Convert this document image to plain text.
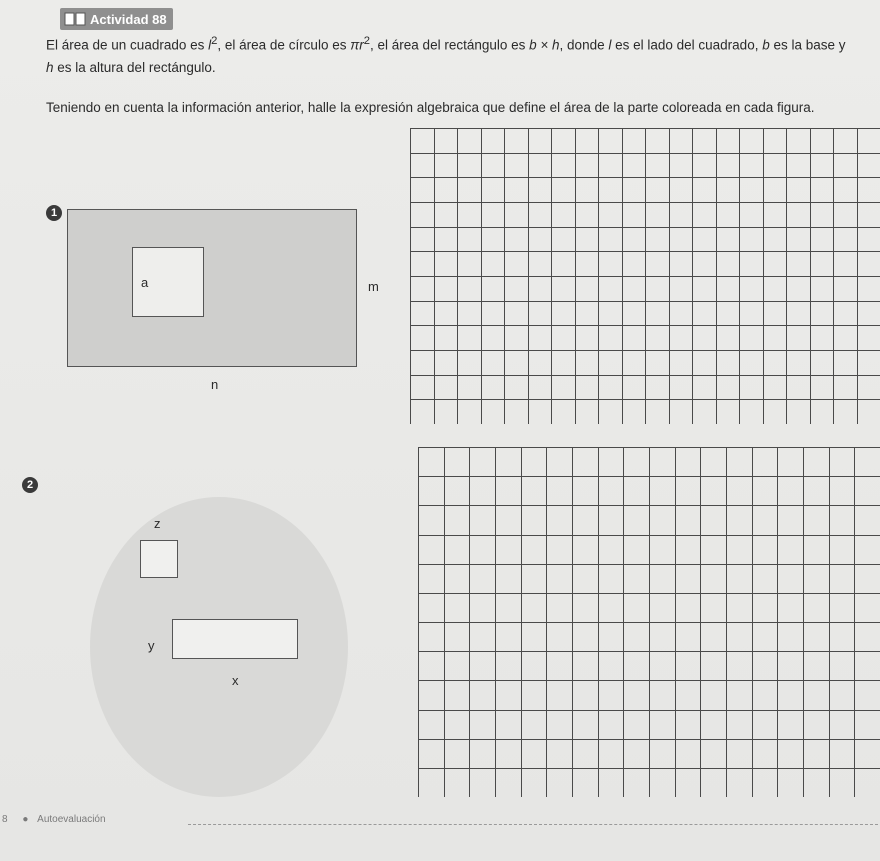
Actividad 88
El área de un cuadrado es $l^2$, el área de círculo es $\pi r^2$, el área del rectángulo es b × h, donde l es el lado del cuadrado, b es la base y h es la altura del rectángulo.
Teniendo en cuenta la información anterior, halle la expresión algebraica que define el área de la parte coloreada en cada figura.
1
a	m
n
2
z
y
x
8 ● Autoevaluación
